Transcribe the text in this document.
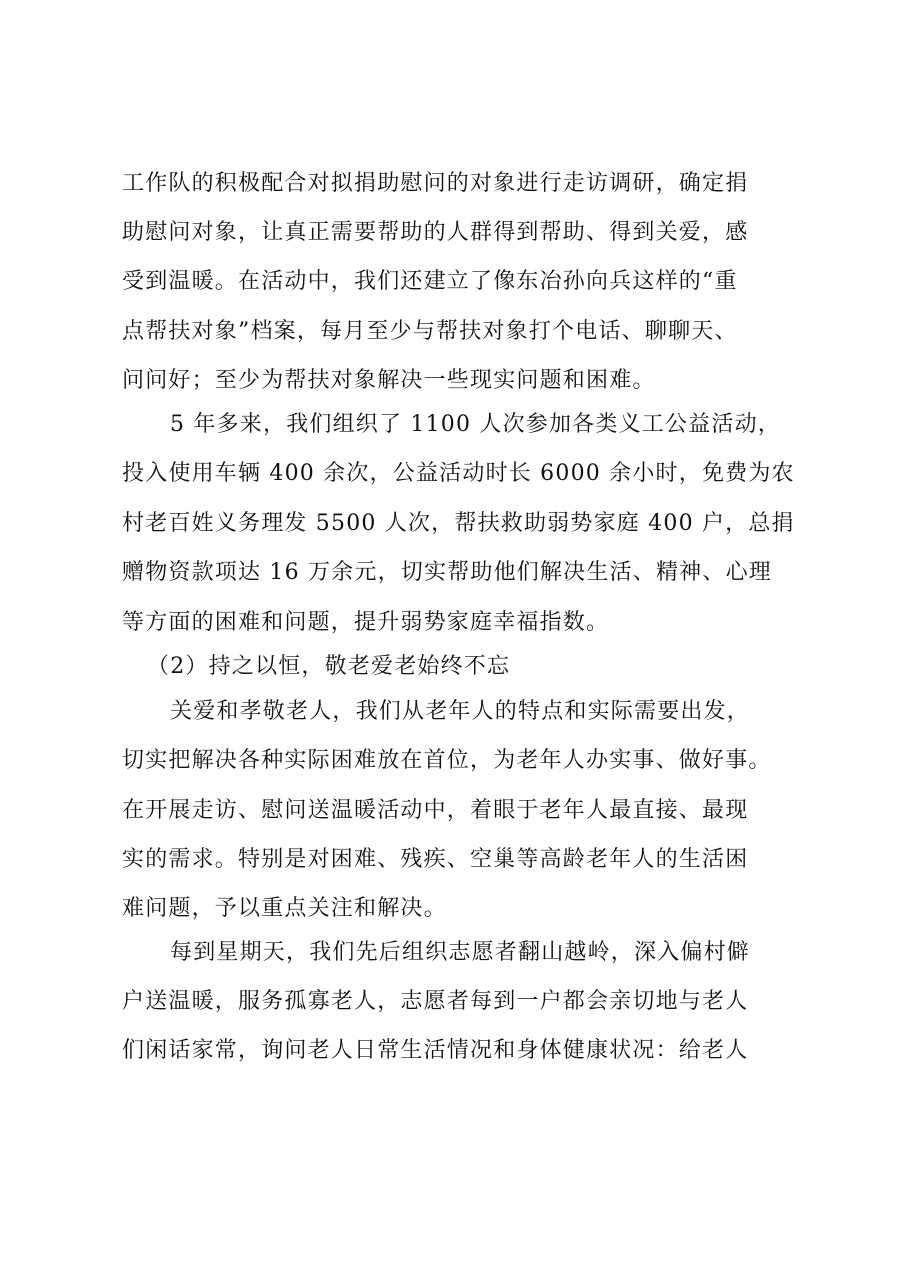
工作队的积极配合对拟捐助慰问的对象进行走访调研，确定捐
助慰问对象，让真正需要帮助的人群得到帮助、得到关爱，感
受到温暖。在活动中，我们还建立了像东冶孙向兵这样的“重
点帮扶对象”档案，每月至少与帮扶对象打个电话、聊聊天、
问问好；至少为帮扶对象解决一些现实问题和困难。
5 年多来，我们组织了 1100 人次参加各类义工公益活动，
投入使用车辆 400 余次，公益活动时长 6000 余小时，免费为农
村老百姓义务理发 5500 人次，帮扶救助弱势家庭 400 户，总捐
赠物资款项达 16 万余元，切实帮助他们解决生活、精神、心理
等方面的困难和问题，提升弱势家庭幸福指数。
（2）持之以恒，敬老爱老始终不忘
关爱和孝敬老人，我们从老年人的特点和实际需要出发，
切实把解决各种实际困难放在首位，为老年人办实事、做好事。
在开展走访、慰问送温暖活动中，着眼于老年人最直接、最现
实的需求。特别是对困难、残疾、空巢等高龄老年人的生活困
难问题，予以重点关注和解决。
每到星期天，我们先后组织志愿者翻山越岭，深入偏村僻
户送温暖，服务孤寡老人，志愿者每到一户都会亲切地与老人
们闲话家常，询问老人日常生活情况和身体健康状况：给老人
